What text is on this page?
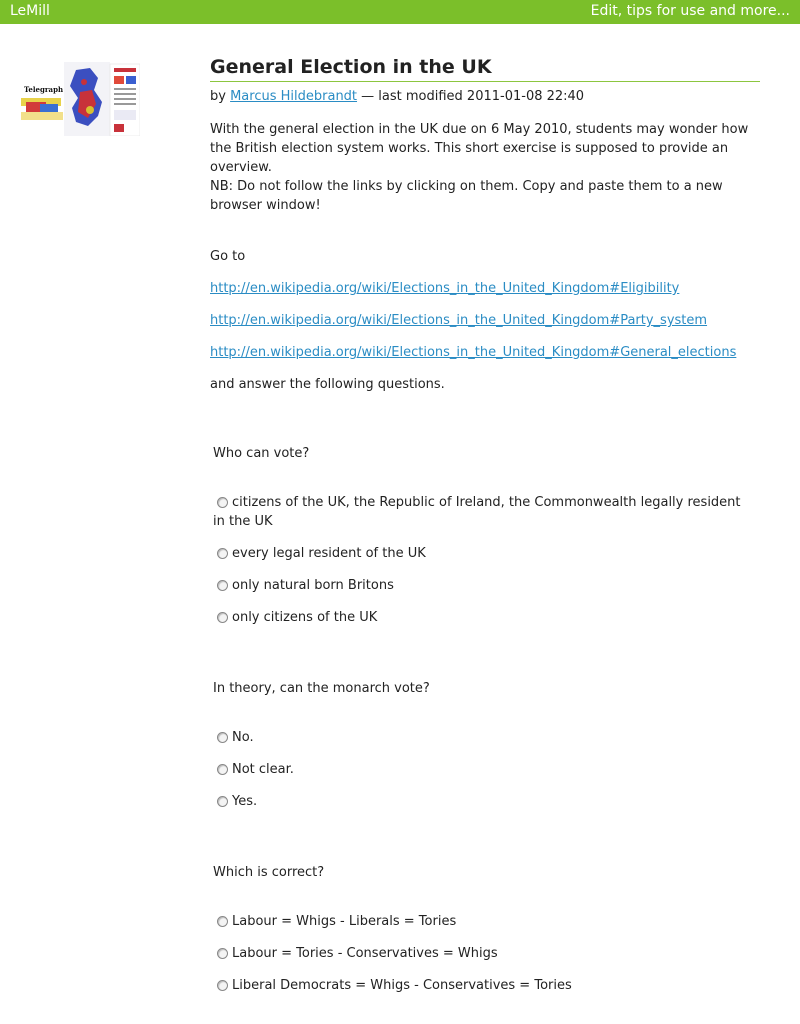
LeMill	Edit, tips for use and more...
Telegraph
General Election in the UK
by Marcus Hildebrandt — last modified 2011-01-08 22:40

With the general election in the UK due on 6 May 2010, students may wonder how the British election system works. This short exercise is supposed to provide an overview.

NB: Do not follow the links by clicking on them. Copy and paste them to a new browser window!

Go to
http://en.wikipedia.org/wiki/Elections_in_the_United_Kingdom#Eligibility
http://en.wikipedia.org/wiki/Elections_in_the_United_Kingdom#Party_system
http://en.wikipedia.org/wiki/Elections_in_the_United_Kingdom#General_elections
and answer the following questions.

Who can vote?

citizens of the UK, the Republic of Ireland, the Commonwealth legally resident in the UK
every legal resident of the UK
only natural born Britons
only citizens of the UK

In theory, can the monarch vote?

No.
Not clear.
Yes.

Which is correct?

Labour = Whigs - Liberals = Tories
Labour = Tories - Conservatives = Whigs
Liberal Democrats = Whigs - Conservatives = Tories
